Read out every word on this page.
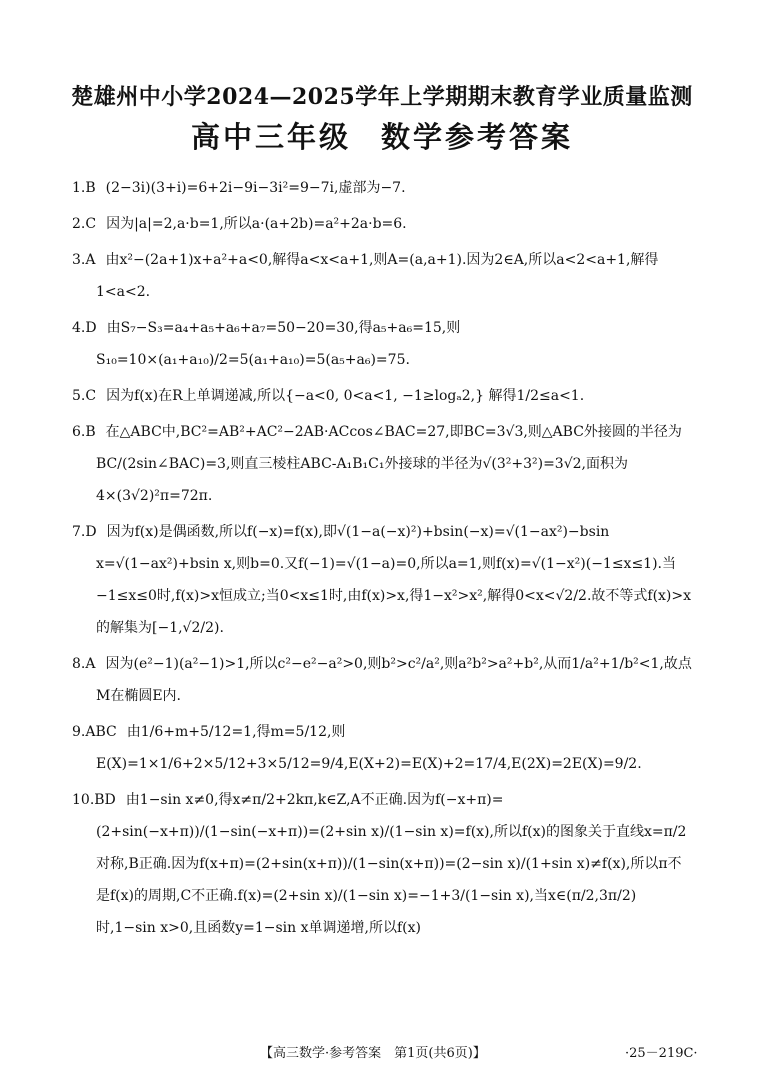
楚雄州中小学2024—2025学年上学期期末教育学业质量监测
高中三年级 数学参考答案

1.B (2−3i)(3+i)=6+2i−9i−3i²=9−7i,虚部为−7.

2.C 因为|a|=2,a·b=1,所以a·(a+2b)=a²+2a·b=6.

3.A 由x²−(2a+1)x+a²+a<0,解得a<x<a+1,则A=(a,a+1).因为2∈A,所以a<2<a+1,解得1<a<2.

4.D 由S₇−S₃=a₄+a₅+a₆+a₇=50−20=30,得a₅+a₆=15,则S₁₀=10×(a₁+a₁₀)/2=5(a₁+a₁₀)=5(a₅+a₆)=75.

5.C 因为f(x)在R上单调递减,所以{−a<0, 0<a<1, −1≥logₐ2,} 解得1/2≤a<1.

6.B 在△ABC中,BC²=AB²+AC²−2AB·ACcos∠BAC=27,即BC=3√3,则△ABC外接圆的半径为BC/(2sin∠BAC)=3,则直三棱柱ABC-A₁B₁C₁外接球的半径为√(3²+3²)=3√2,面积为4×(3√2)²π=72π.

7.D 因为f(x)是偶函数,所以f(−x)=f(x),即√(1−a(−x)²)+bsin(−x)=√(1−ax²)−bsin x=√(1−ax²)+bsin x,则b=0.又f(−1)=√(1−a)=0,所以a=1,则f(x)=√(1−x²)(−1≤x≤1).当−1≤x≤0时,f(x)>x恒成立;当0<x≤1时,由f(x)>x,得1−x²>x²,解得0<x<√2/2.故不等式f(x)>x的解集为[−1,√2/2).

8.A 因为(e²−1)(a²−1)>1,所以c²−e²−a²>0,则b²>c²/a²,则a²b²>a²+b²,从而1/a²+1/b²<1,故点M在椭圆E内.

9.ABC 由1/6+m+5/12=1,得m=5/12,则E(X)=1×1/6+2×5/12+3×5/12=9/4,E(X+2)=E(X)+2=17/4,E(2X)=2E(X)=9/2.

10.BD 由1−sin x≠0,得x≠π/2+2kπ,k∈Z,A不正确.因为f(−x+π)=(2+sin(−x+π))/(1−sin(−x+π))=(2+sin x)/(1−sin x)=f(x),所以f(x)的图象关于直线x=π/2对称,B正确.因为f(x+π)=(2+sin(x+π))/(1−sin(x+π))=(2−sin x)/(1+sin x)≠f(x),所以π不是f(x)的周期,C不正确.f(x)=(2+sin x)/(1−sin x)=−1+3/(1−sin x),当x∈(π/2,3π/2)时,1−sin x>0,且函数y=1−sin x单调递增,所以f(x)

【高三数学·参考答案　第1页(共6页)】	·25－219C·
